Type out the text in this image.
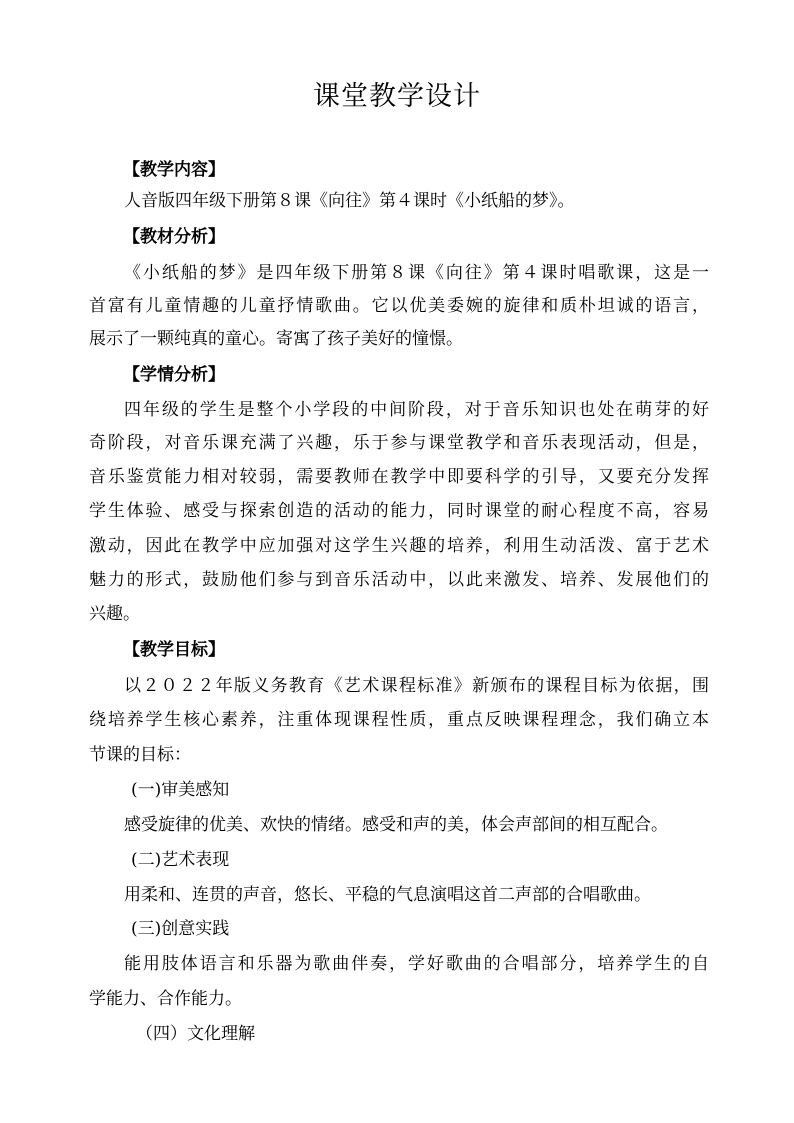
课堂教学设计
【教学内容】
人音版四年级下册第８课《向往》第４课时《小纸船的梦》。
【教材分析】
《小纸船的梦》是四年级下册第８课《向往》第４课时唱歌课，这是一
首富有儿童情趣的儿童抒情歌曲。它以优美委婉的旋律和质朴坦诚的语言，
展示了一颗纯真的童心。寄寓了孩子美好的憧憬。
【学情分析】
四年级的学生是整个小学段的中间阶段，对于音乐知识也处在萌芽的好
奇阶段，对音乐课充满了兴趣，乐于参与课堂教学和音乐表现活动，但是，
音乐鉴赏能力相对较弱，需要教师在教学中即要科学的引导，又要充分发挥
学生体验、感受与探索创造的活动的能力，同时课堂的耐心程度不高，容易
激动，因此在教学中应加强对这学生兴趣的培养，利用生动活泼、富于艺术
魅力的形式，鼓励他们参与到音乐活动中，以此来激发、培养、发展他们的
兴趣。
【教学目标】
以２０２２年版义务教育《艺术课程标准》新颁布的课程目标为依据，围
绕培养学生核心素养，注重体现课程性质，重点反映课程理念，我们确立本
节课的目标：
(一)审美感知
感受旋律的优美、欢快的情绪。感受和声的美，体会声部间的相互配合。
(二)艺术表现
用柔和、连贯的声音，悠长、平稳的气息演唱这首二声部的合唱歌曲。
(三)创意实践
能用肢体语言和乐器为歌曲伴奏，学好歌曲的合唱部分，培养学生的自
学能力、合作能力。
（四）文化理解
